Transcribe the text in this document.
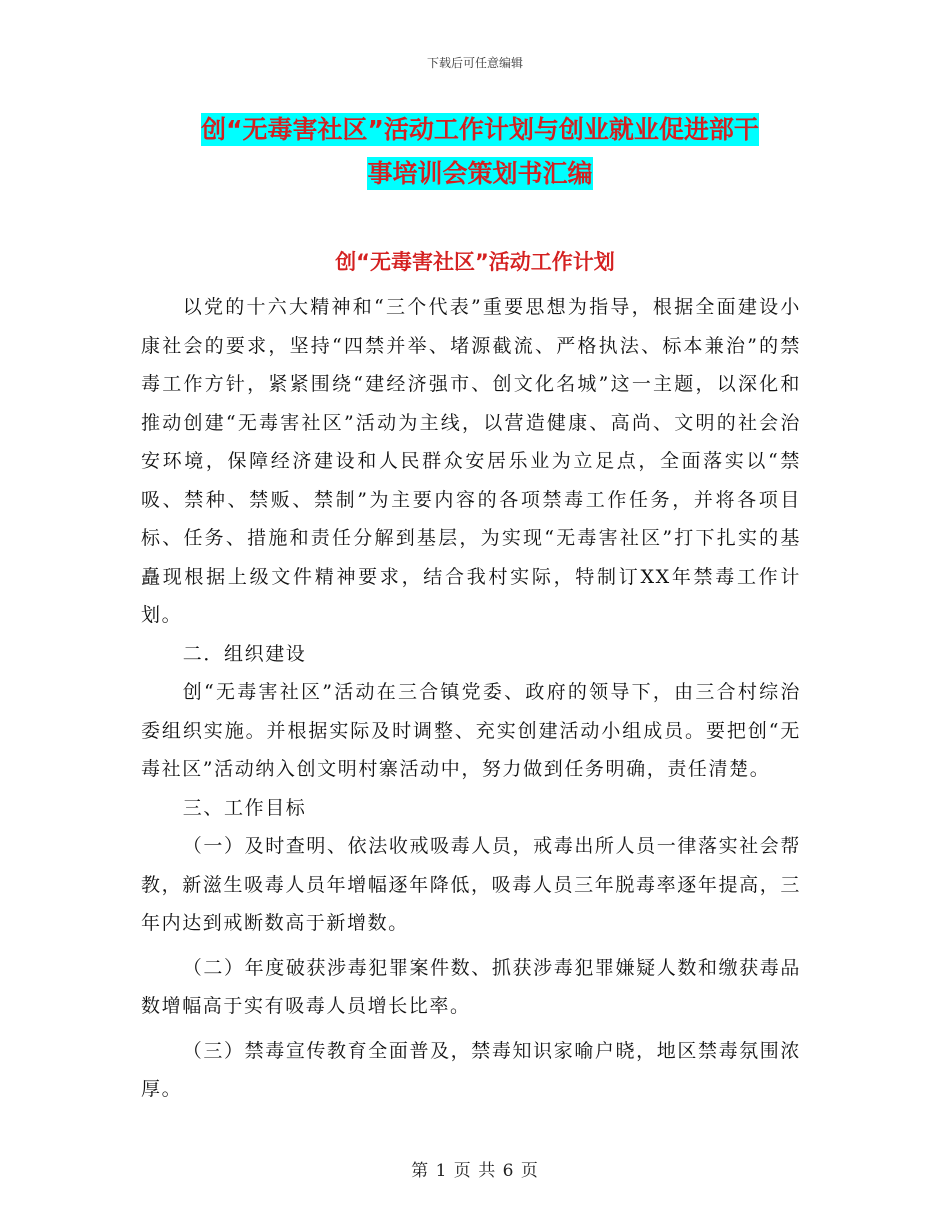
下载后可任意编辑
创“无毒害社区”活动工作计划与创业就业促进部干
事培训会策划书汇编
创“无毒害社区”活动工作计划

以党的十六大精神和“三个代表”重要思想为指导，根据全面建设小康社会的要求，坚持“四禁并举、堵源截流、严格执法、标本兼治”的禁毒工作方针，紧紧围绕“建经济强市、创文化名城”这一主题，以深化和推动创建“无毒害社区”活动为主线，以营造健康、高尚、文明的社会治安环境，保障经济建设和人民群众安居乐业为立足点，全面落实以“禁吸、禁种、禁贩、禁制”为主要内容的各项禁毒工作任务，并将各项目标、任务、措施和责任分解到基层，为实现“无毒害社区”打下扎实的基矗现根据上级文件精神要求，结合我村实际，特制订XX年禁毒工作计划。

二．组织建设

创“无毒害社区”活动在三合镇党委、政府的领导下，由三合村综治委组织实施。并根据实际及时调整、充实创建活动小组成员。要把创“无毒社区”活动纳入创文明村寨活动中，努力做到任务明确，责任清楚。

三、工作目标

（一）及时查明、依法收戒吸毒人员，戒毒出所人员一律落实社会帮教，新滋生吸毒人员年增幅逐年降低，吸毒人员三年脱毒率逐年提高，三年内达到戒断数高于新增数。

（二）年度破获涉毒犯罪案件数、抓获涉毒犯罪嫌疑人数和缴获毒品数增幅高于实有吸毒人员增长比率。

（三）禁毒宣传教育全面普及，禁毒知识家喻户晓，地区禁毒氛围浓厚。

第 1 页 共 6 页
